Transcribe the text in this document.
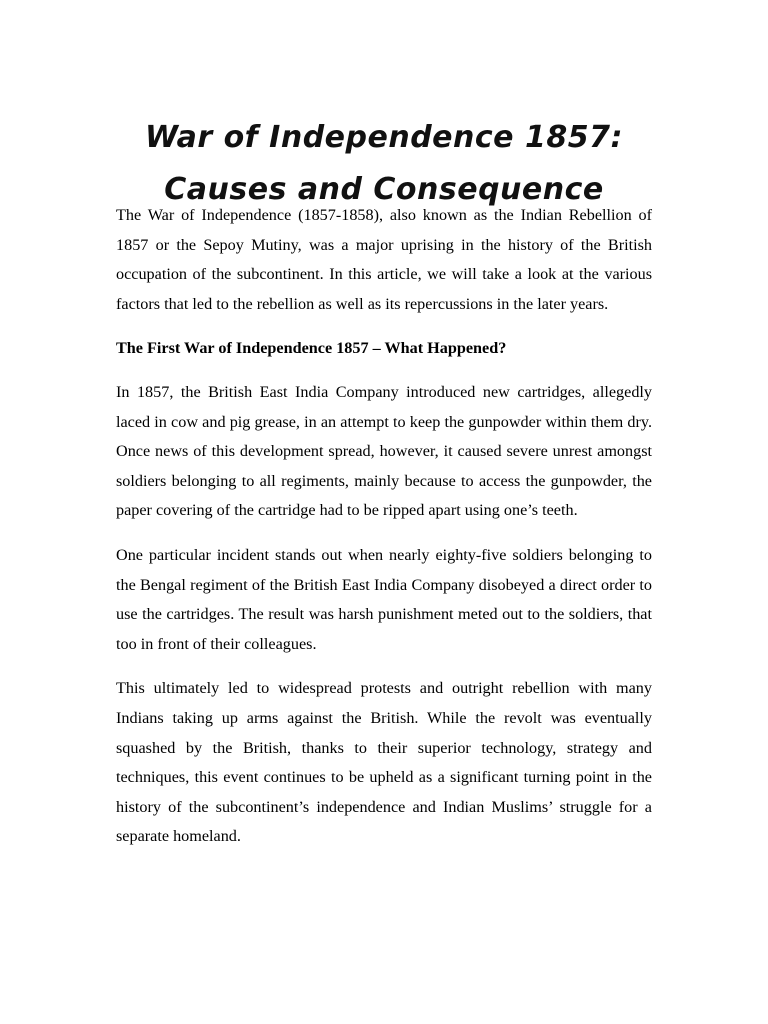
War of Independence 1857:
Causes and Consequence

The War of Independence (1857-1858), also known as the Indian Rebellion of 1857 or the Sepoy Mutiny, was a major uprising in the history of the British occupation of the subcontinent. In this article, we will take a look at the various factors that led to the rebellion as well as its repercussions in the later years.

The First War of Independence 1857 – What Happened?

In 1857, the British East India Company introduced new cartridges, allegedly laced in cow and pig grease, in an attempt to keep the gunpowder within them dry. Once news of this development spread, however, it caused severe unrest amongst soldiers belonging to all regiments, mainly because to access the gunpowder, the paper covering of the cartridge had to be ripped apart using one’s teeth.

One particular incident stands out when nearly eighty-five soldiers belonging to the Bengal regiment of the British East India Company disobeyed a direct order to use the cartridges. The result was harsh punishment meted out to the soldiers, that too in front of their colleagues.

This ultimately led to widespread protests and outright rebellion with many Indians taking up arms against the British. While the revolt was eventually squashed by the British, thanks to their superior technology, strategy and techniques, this event continues to be upheld as a significant turning point in the history of the subcontinent’s independence and Indian Muslims’ struggle for a separate homeland.
